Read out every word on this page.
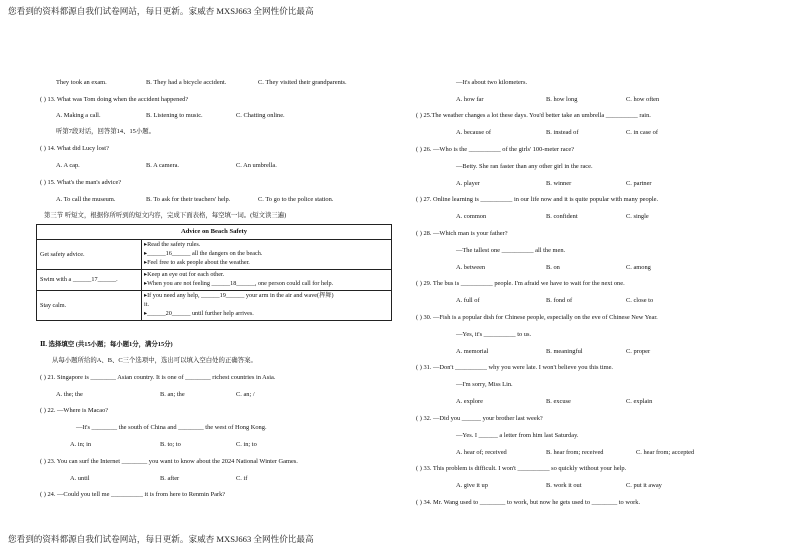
您看到的资料都源自我们试卷网站，每日更新。家威杏 MXSJ663 全网性价比最高
They took an exam.	B. They had a bicycle accident.	C. They visited their grandparents.
( ) 13. What was Tom doing when the accident happened?
A. Making a call.	B. Listening to music.	C. Chatting online.
听第7段对话，回答第14、15小题。
( ) 14. What did Lucy lost?
A. A cap.	B. A camera.	C. An umbrella.
( ) 15. What's the man's advice?
A. To call the museum.	B. To ask for their teachers' help.	C. To go to the police station.
第三节 听短文，根据你所听到的短文内容，完成下面表格，每空填一词。(短文读三遍)
Advice on Beach Safety	
Get safety advice.	▸Read the safety rules.
▸______16______ all the dangers on the beach.
▸Feel free to ask people about the weather.

Swim with a ______17______.	▸Keep an eye out for each other.
▸When you are not feeling ______18______, one person could call for help.

Stay calm.	▸If you need any help, ______19______ your arm in the air and wave(挥舞)
it.
▸______20______ until further help arrives.
Ⅱ. 选择填空 (共15小题；每小题1分，满分15分)
从每小题所给的A、B、C三个选项中，选出可以填入空白处的正确答案。
( ) 21. Singapore is ________ Asian country. It is one of ________ richest countries in Asia.
A. the; the	B. an; the	C. an; /
( ) 22. —Where is Macao?
—It's ________ the south of China and ________ the west of Hong Kong.
A. in; in	B. to; to	C. in; to
( ) 23. You can surf the Internet ________ you want to know about the 2024 National Winter Games.
A. until	B. after	C. if
( ) 24. —Could you tell me __________ it is from here to Renmin Park?
—It's about two kilometers.
A. how far	B. how long	C. how often
( ) 25.The weather changes a lot these days. You'd better take an umbrella __________ rain.
A. because of	B. instead of	C. in case of
( ) 26. —Who is the __________ of the girls' 100-meter race?
—Betty. She ran faster than any other girl in the race.
A. player	B. winner	C. partner
( ) 27. Online learning is __________ in our life now and it is quite popular with many people.
A. common	B. confident	C. single
( ) 28. —Which man is your father?
—The tallest one __________ all the men.
A. between	B. on	C. among
( ) 29. The bus is __________ people. I'm afraid we have to wait for the next one.
A. full of	B. fond of	C. close to
( ) 30. —Fish is a popular dish for Chinese people, especially on the eve of Chinese New Year.
—Yes, it's __________ to us.
A. memorial	B. meaningful	C. proper
( ) 31. —Don't __________ why you were late. I won't believe you this time.
—I'm sorry, Miss Lin.
A. explore	B. excuse	C. explain
( ) 32. —Did you ______ your brother last week?
—Yes. I ______ a letter from him last Saturday.
A. hear of; received	B. hear from; received	C. hear from; accepted
( ) 33. This problem is difficult. I won't __________ so quickly without your help.
A. give it up	B. work it out	C. put it away
( ) 34. Mr. Wang used to ________ to work, but now he gets used to ________ to work.
您看到的资料都源自我们试卷网站，每日更新。家威杏 MXSJ663 全网性价比最高
